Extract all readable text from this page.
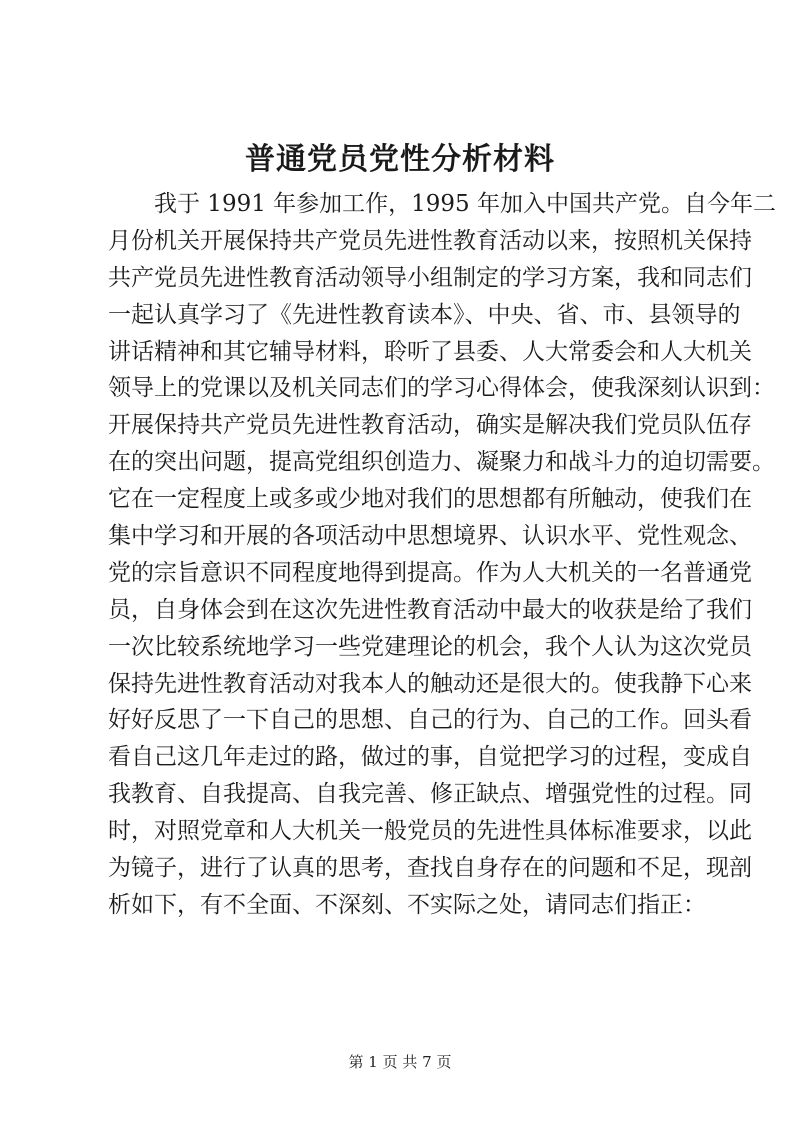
普通党员党性分析材料
我于 1991 年参加工作，1995 年加入中国共产党。自今年二
月份机关开展保持共产党员先进性教育活动以来，按照机关保持
共产党员先进性教育活动领导小组制定的学习方案，我和同志们
一起认真学习了《先进性教育读本》、中央、省、市、县领导的
讲话精神和其它辅导材料，聆听了县委、人大常委会和人大机关
领导上的党课以及机关同志们的学习心得体会，使我深刻认识到：
开展保持共产党员先进性教育活动，确实是解决我们党员队伍存
在的突出问题，提高党组织创造力、凝聚力和战斗力的迫切需要。
它在一定程度上或多或少地对我们的思想都有所触动，使我们在
集中学习和开展的各项活动中思想境界、认识水平、党性观念、
党的宗旨意识不同程度地得到提高。作为人大机关的一名普通党
员，自身体会到在这次先进性教育活动中最大的收获是给了我们
一次比较系统地学习一些党建理论的机会，我个人认为这次党员
保持先进性教育活动对我本人的触动还是很大的。使我静下心来
好好反思了一下自己的思想、自己的行为、自己的工作。回头看
看自己这几年走过的路，做过的事，自觉把学习的过程，变成自
我教育、自我提高、自我完善、修正缺点、增强党性的过程。同
时，对照党章和人大机关一般党员的先进性具体标准要求，以此
为镜子，进行了认真的思考，查找自身存在的问题和不足，现剖
析如下，有不全面、不深刻、不实际之处，请同志们指正：
第 1 页 共 7 页
